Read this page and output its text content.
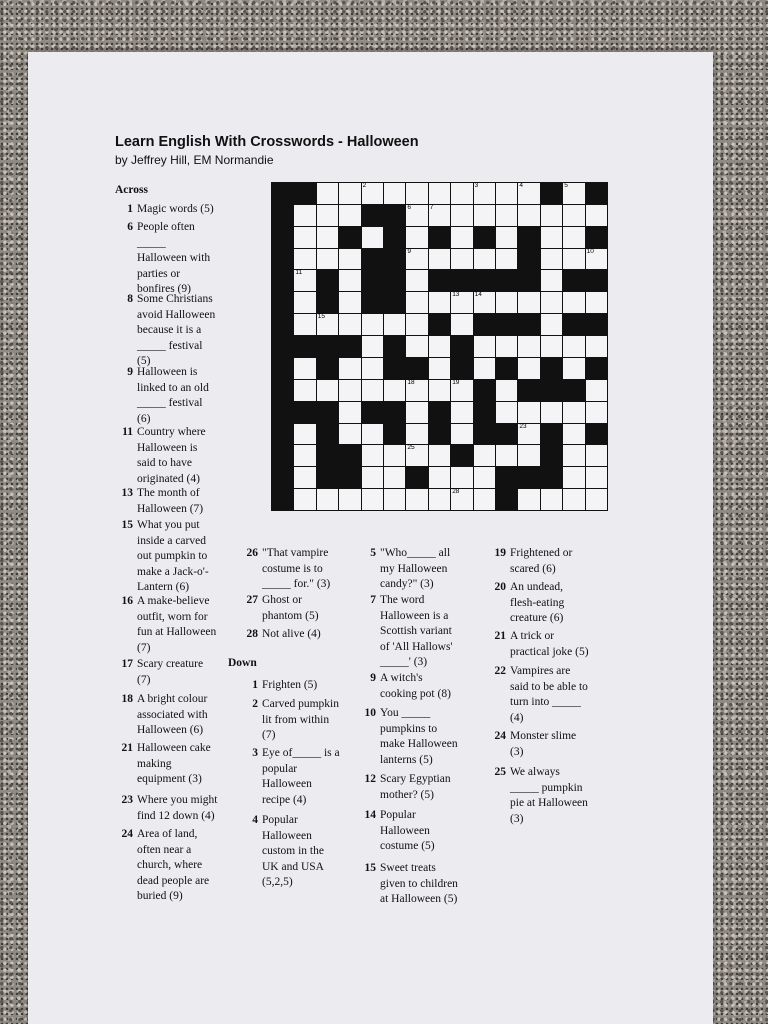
Learn English With Crosswords - Halloween
by Jeffrey Hill, EM Normandie
2	3	4	5
6	7
9	10
11
13 14
15
18	19
23
25
28
Across
1 Magic words (5)
6 People often
_____
Halloween with
parties or
bonfires (9)
8 Some Christians
avoid Halloween
because it is a
_____ festival
(5)
9 Halloween is
linked to an old
_____ festival
(6)
11 Country where
Halloween is
said to have
originated (4)
13 The month of
Halloween (7)
15 What you put
inside a carved
out pumpkin to
make a Jack-o'-
Lantern (6)
16 A make-believe
outfit, worn for
fun at Halloween
(7)
17 Scary creature
(7)
18 A bright colour
associated with
Halloween (6)
21 Halloween cake
making
equipment (3)
23 Where you might
find 12 down (4)
24 Area of land,
often near a
church, where
dead people are
buried (9)
26 "That vampire
costume is to
_____ for." (3)
27 Ghost or
phantom (5)
28 Not alive (4)
Down
1 Frighten (5)
2 Carved pumpkin
lit from within
(7)
3 Eye of_____ is a
popular
Halloween
recipe (4)
4 Popular
Halloween
custom in the
UK and USA
(5,2,5)
5 "Who_____ all
my Halloween
candy?" (3)
7 The word
Halloween is a
Scottish variant
of 'All Hallows'
_____' (3)
9 A witch's
cooking pot (8)
10 You _____
pumpkins to
make Halloween
lanterns (5)
12 Scary Egyptian
mother? (5)
14 Popular
Halloween
costume (5)
15 Sweet treats
given to children
at Halloween (5)
19 Frightened or
scared (6)
20 An undead,
flesh-eating
creature (6)
21 A trick or
practical joke (5)
22 Vampires are
said to be able to
turn into _____
(4)
24 Monster slime
(3)
25 We always
_____ pumpkin
pie at Halloween
(3)
